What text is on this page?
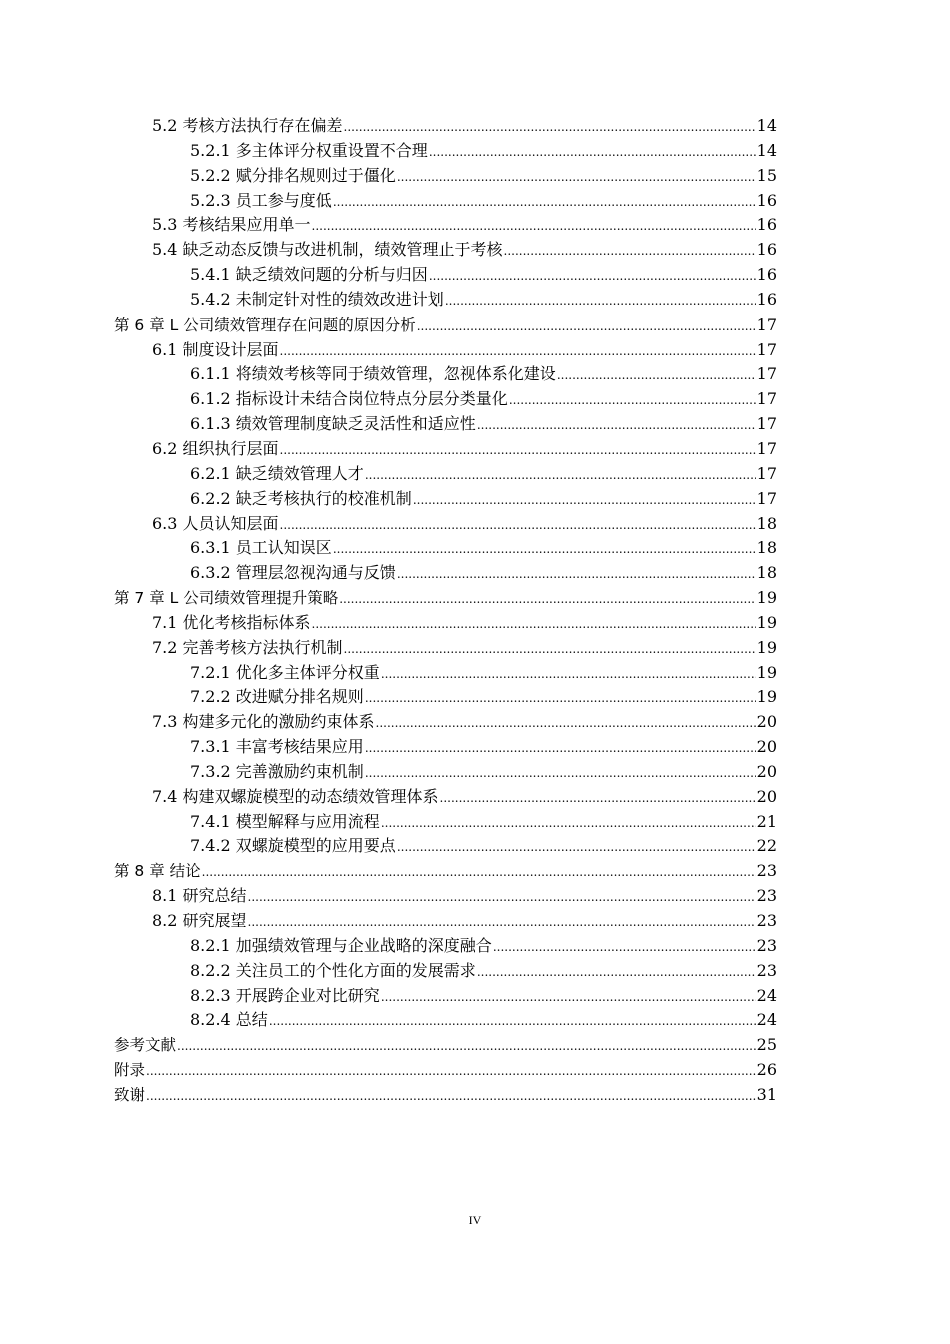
5.2 考核方法执行存在偏差 .....	14
5.2.1 多主体评分权重设置不合理 .....	14
5.2.2 赋分排名规则过于僵化 .....	15
5.2.3 员工参与度低 .....	16
5.3 考核结果应用单一 .....	16
5.4 缺乏动态反馈与改进机制，绩效管理止于考核 .....	16
5.4.1 缺乏绩效问题的分析与归因 .....	16
5.4.2 未制定针对性的绩效改进计划 .....	16
第 6 章 L 公司绩效管理存在问题的原因分析 .....	17
6.1 制度设计层面 .....	17
6.1.1 将绩效考核等同于绩效管理，忽视体系化建设 .....	17
6.1.2 指标设计未结合岗位特点分层分类量化 .....	17
6.1.3 绩效管理制度缺乏灵活性和适应性 .....	17
6.2 组织执行层面 .....	17
6.2.1 缺乏绩效管理人才 .....	17
6.2.2 缺乏考核执行的校准机制 .....	17
6.3 人员认知层面 .....	18
6.3.1 员工认知误区 .....	18
6.3.2 管理层忽视沟通与反馈 .....	18
第 7 章 L 公司绩效管理提升策略 .....	19
7.1 优化考核指标体系 .....	19
7.2 完善考核方法执行机制 .....	19
7.2.1 优化多主体评分权重 .....	19
7.2.2 改进赋分排名规则 .....	19
7.3 构建多元化的激励约束体系 .....	20
7.3.1 丰富考核结果应用 .....	20
7.3.2 完善激励约束机制 .....	20
7.4 构建双螺旋模型的动态绩效管理体系 .....	20
7.4.1 模型解释与应用流程 .....	21
7.4.2 双螺旋模型的应用要点 .....	22
第 8 章 结论 .....	23
8.1 研究总结 .....	23
8.2 研究展望 .....	23
8.2.1 加强绩效管理与企业战略的深度融合 .....	23
8.2.2 关注员工的个性化方面的发展需求 .....	23
8.2.3 开展跨企业对比研究 .....	24
8.2.4 总结 .....	24
参考文献 .....	25
附录 .....	26
致谢 .....	31
IV
